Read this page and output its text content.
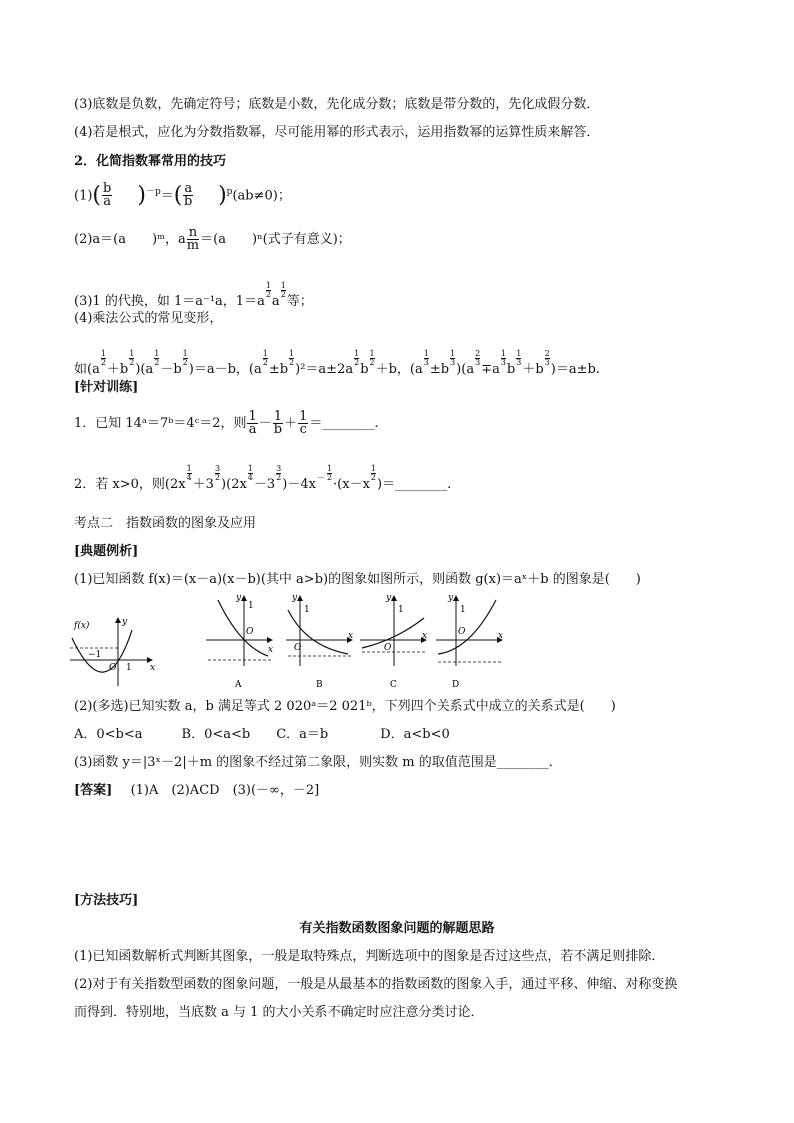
(3)底数是负数，先确定符号；底数是小数，先化成分数；底数是带分数的，先化成假分数．
(4)若是根式，应化为分数指数幂，尽可能用幂的形式表示，运用指数幂的运算性质来解答．
2．化简指数幂常用的技巧
$(1)( \frac{b}{a} )^{-p}=( \frac{a}{b} )^p(ab\ne 0)$；
(2)a＝(a　　)ᵐ，a $\frac{n}{m} =(a$　　)ⁿ(式子有意义)；
(3)1 的代换，如 1＝a⁻¹a，1＝a
$\frac{1}{2}$
a
$\frac{1}{2}$
等；
(4)乘法公式的常见变形，
如(a
$\frac{1}{2}$
＋b
$\frac{1}{2}$
)(a
$\frac{1}{2}$
－b
$\frac{1}{2}$
)＝a－b，(a
$\frac{1}{2}$
±b
$\frac{1}{2}$
)²＝a±2a
$\frac{1}{2}$
b
$\frac{1}{2}$
＋b，(a
$\frac{1}{3}$
±b
$\frac{1}{3}$
)(a
$\frac{2}{3}$
∓a
$\frac{1}{3}$
b
$\frac{1}{3}$
＋b
$\frac{2}{3}$
)＝a±b.
[针对训练]
1．已知 14ᵃ＝7ᵇ＝4ᶜ＝2，则 $\frac{1}{a} - \frac{1}{b} + \frac{1}{c}$ ＝________.
2．若 x>0，则(2x
$\frac{1}{4}$
＋3
$\frac{3}{2}$
)(2x
$\frac{1}{4}$
－3
$\frac{3}{2}$
)$-4x - \frac{1}{2}$
·(x－x
$\frac{1}{2}$
)＝________.
考点二　指数函数的图象及应用
[典题例析]
(1)已知函数 f(x)＝(x－a)(x－b)(其中 a>b)的图象如图所示，则函数 g(x)＝aˣ＋b 的图象是(　　)
f(x)	y
x
O
−1
1
y
1
O
x
A
y
1
O
x
B
y
1
O
x
C
y
1
O	x
D
(2)(多选)已知实数 a，b 满足等式 2 020ᵃ＝2 021ᵇ，下列四个关系式中成立的关系式是(　　)
A．0<b<a　　　B．0<a<b　　C．a＝b　　　　D．a<b<0
(3)函数 y＝|3ˣ－2|＋m 的图象不经过第二象限，则实数 m 的取值范围是________．
[答案] (1)A　(2)ACD　(3)(－∞，－2]
[方法技巧]
有关指数函数图象问题的解题思路
(1)已知函数解析式判断其图象，一般是取特殊点，判断选项中的图象是否过这些点，若不满足则排除．
(2)对于有关指数型函数的图象问题，一般是从最基本的指数函数的图象入手，通过平移、伸缩、对称变换
而得到．特别地，当底数 a 与 1 的大小关系不确定时应注意分类讨论．
